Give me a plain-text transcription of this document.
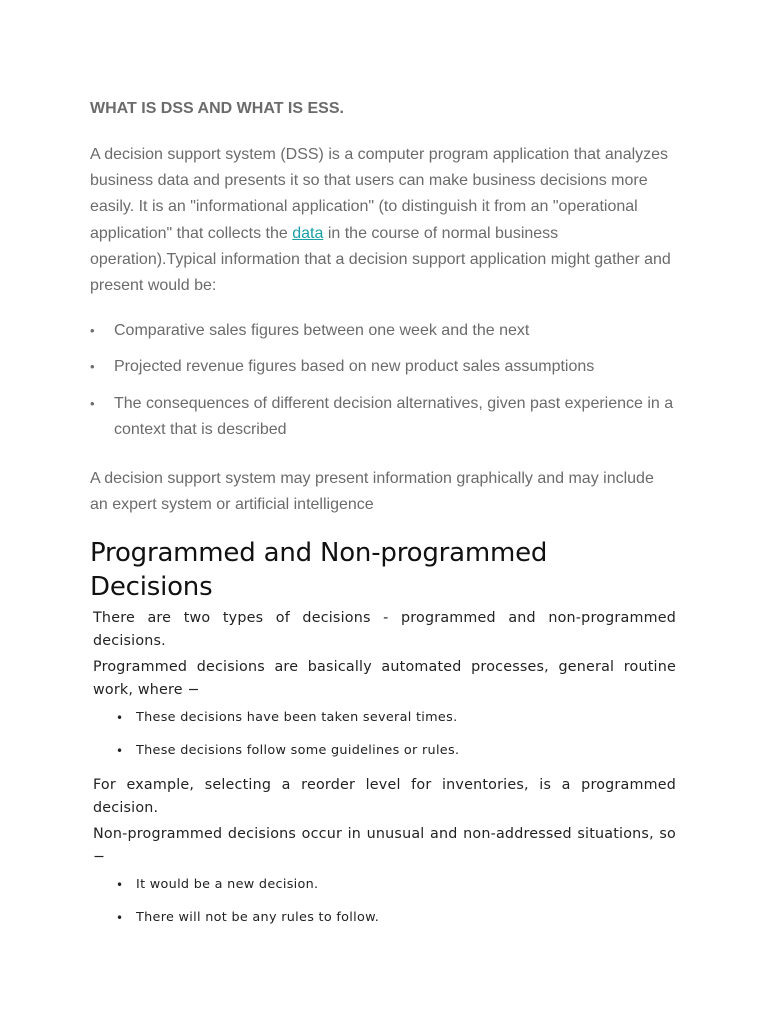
WHAT IS DSS AND WHAT IS ESS.

A decision support system (DSS) is a computer program application that analyzes business data and presents it so that users can make business decisions more easily. It is an "informational application" (to distinguish it from an "operational application" that collects the data in the course of normal business operation).Typical information that a decision support application might gather and present would be:

• Comparative sales figures between one week and the next
• Projected revenue figures based on new product sales assumptions
• The consequences of different decision alternatives, given past experience in a context that is described

A decision support system may present information graphically and may include an expert system or artificial intelligence

Programmed and Non-programmed Decisions

There are two types of decisions - programmed and non-programmed decisions.

Programmed decisions are basically automated processes, general routine work, where −

• These decisions have been taken several times.
• These decisions follow some guidelines or rules.

For example, selecting a reorder level for inventories, is a programmed decision.

Non-programmed decisions occur in unusual and non-addressed situations, so −

• It would be a new decision.
• There will not be any rules to follow.
